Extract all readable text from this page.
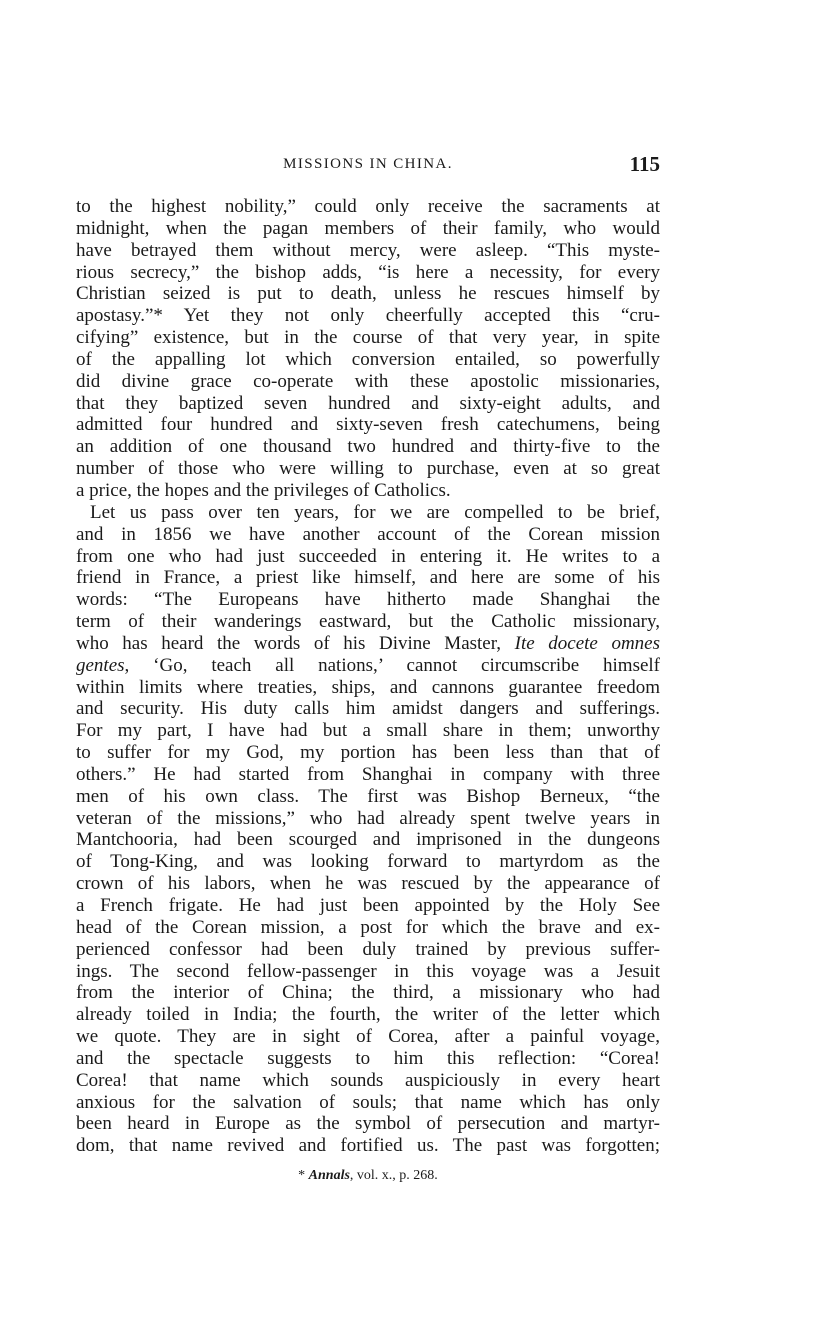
MISSIONS IN CHINA.	115
to the highest nobility,” could only receive the sacraments at
midnight, when the pagan members of their family, who would
have betrayed them without mercy, were asleep. “This myste-
rious secrecy,” the bishop adds, “is here a necessity, for every
Christian seized is put to death, unless he rescues himself by
apostasy.”* Yet they not only cheerfully accepted this “cru-
cifying” existence, but in the course of that very year, in spite
of the appalling lot which conversion entailed, so powerfully
did divine grace co-operate with these apostolic missionaries,
that they baptized seven hundred and sixty-eight adults, and
admitted four hundred and sixty-seven fresh catechumens, being
an addition of one thousand two hundred and thirty-five to the
number of those who were willing to purchase, even at so great
a price, the hopes and the privileges of Catholics.
Let us pass over ten years, for we are compelled to be brief,
and in 1856 we have another account of the Corean mission
from one who had just succeeded in entering it. He writes to a
friend in France, a priest like himself, and here are some of his
words: “The Europeans have hitherto made Shanghai the
term of their wanderings eastward, but the Catholic missionary,
who has heard the words of his Divine Master, Ite docete omnes
gentes, ‘Go, teach all nations,’ cannot circumscribe himself
within limits where treaties, ships, and cannons guarantee freedom
and security. His duty calls him amidst dangers and sufferings.
For my part, I have had but a small share in them; unworthy
to suffer for my God, my portion has been less than that of
others.” He had started from Shanghai in company with three
men of his own class. The first was Bishop Berneux, “the
veteran of the missions,” who had already spent twelve years in
Mantchooria, had been scourged and imprisoned in the dungeons
of Tong-King, and was looking forward to martyrdom as the
crown of his labors, when he was rescued by the appearance of
a French frigate. He had just been appointed by the Holy See
head of the Corean mission, a post for which the brave and ex-
perienced confessor had been duly trained by previous suffer-
ings. The second fellow-passenger in this voyage was a Jesuit
from the interior of China; the third, a missionary who had
already toiled in India; the fourth, the writer of the letter which
we quote. They are in sight of Corea, after a painful voyage,
and the spectacle suggests to him this reflection: “Corea!
Corea! that name which sounds auspiciously in every heart
anxious for the salvation of souls; that name which has only
been heard in Europe as the symbol of persecution and martyr-
dom, that name revived and fortified us. The past was forgotten;
* Annals, vol. x., p. 268.
